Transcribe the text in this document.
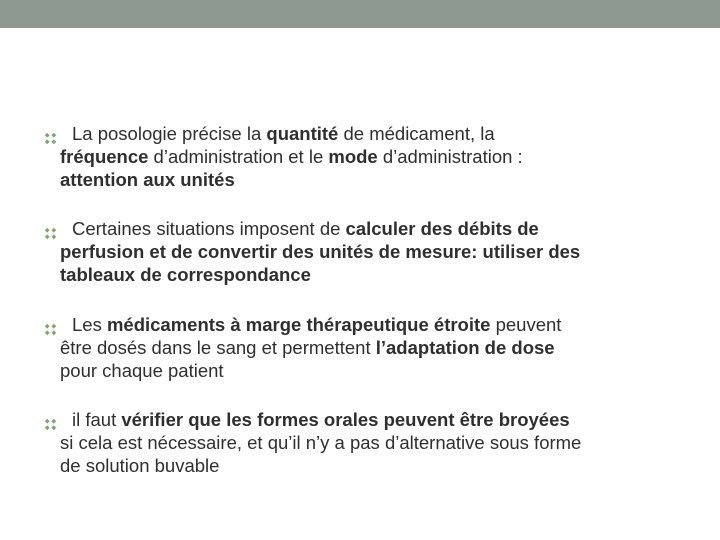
La posologie précise la quantité de médicament, la
fréquence d’administration et le mode d’administration :
attention aux unités
Certaines situations imposent de calculer des débits de
perfusion et de convertir des unités de mesure: utiliser des
tableaux de correspondance
Les médicaments à marge thérapeutique étroite peuvent
être dosés dans le sang et permettent l’adaptation de dose
pour chaque patient
il faut vérifier que les formes orales peuvent être broyées
si cela est nécessaire, et qu’il n’y a pas d’alternative sous forme
de solution buvable
